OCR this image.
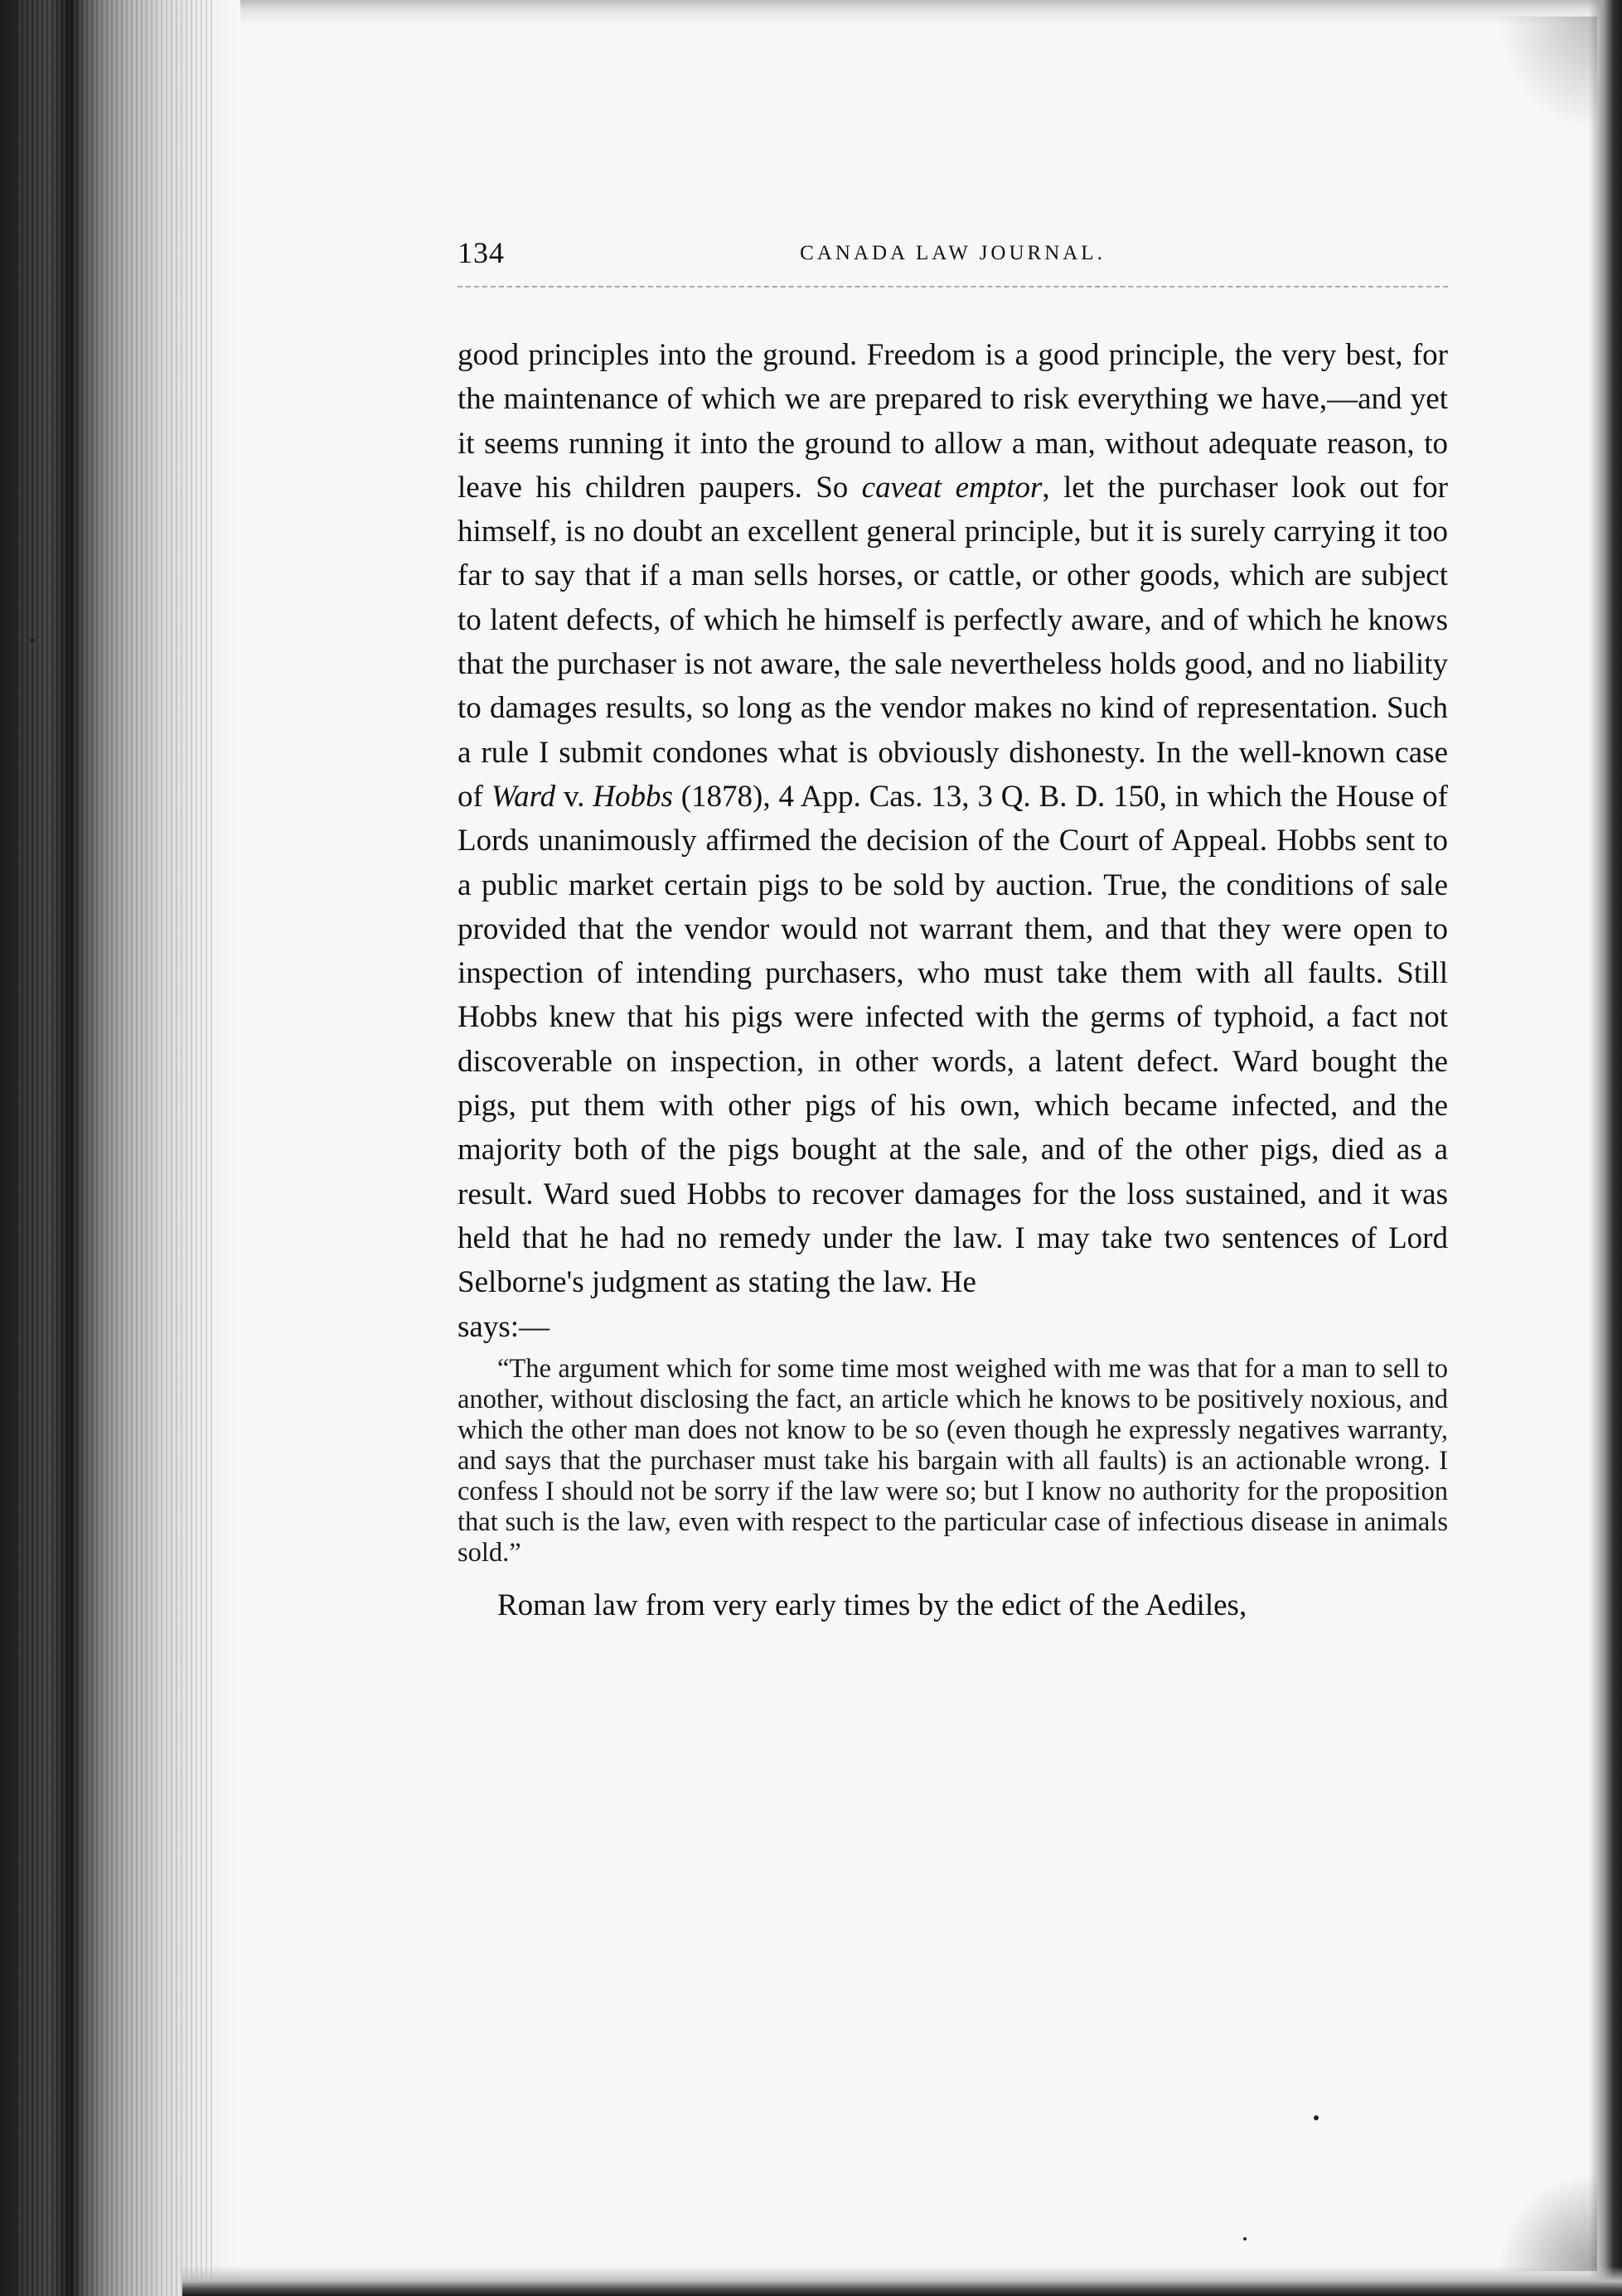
134	CANADA LAW JOURNAL.

good principles into the ground. Freedom is a good principle, the very best, for the maintenance of which we are prepared to risk everything we have,—and yet it seems running it into the ground to allow a man, without adequate reason, to leave his children paupers. So caveat emptor, let the purchaser look out for himself, is no doubt an excellent general principle, but it is surely carrying it too far to say that if a man sells horses, or cattle, or other goods, which are subject to latent defects, of which he himself is perfectly aware, and of which he knows that the purchaser is not aware, the sale nevertheless holds good, and no liability to damages results, so long as the vendor makes no kind of representation. Such a rule I submit condones what is obviously dishonesty. In the well-known case of Ward v. Hobbs (1878), 4 App. Cas. 13, 3 Q. B. D. 150, in which the House of Lords unanimously affirmed the decision of the Court of Appeal. Hobbs sent to a public market certain pigs to be sold by auction. True, the conditions of sale provided that the vendor would not warrant them, and that they were open to inspection of intending purchasers, who must take them with all faults. Still Hobbs knew that his pigs were infected with the germs of typhoid, a fact not discoverable on inspection, in other words, a latent defect. Ward bought the pigs, put them with other pigs of his own, which became infected, and the majority both of the pigs bought at the sale, and of the other pigs, died as a result. Ward sued Hobbs to recover damages for the loss sustained, and it was held that he had no remedy under the law. I may take two sentences of Lord Selborne's judgment as stating the law. He

says:—

“The argument which for some time most weighed with me was that for a man to sell to another, without disclosing the fact, an article which he knows to be positively noxious, and which the other man does not know to be so (even though he expressly negatives warranty, and says that the purchaser must take his bargain with all faults) is an actionable wrong. I confess I should not be sorry if the law were so; but I know no authority for the proposition that such is the law, even with respect to the particular case of infectious disease in animals sold.”

Roman law from very early times by the edict of the Aediles,
